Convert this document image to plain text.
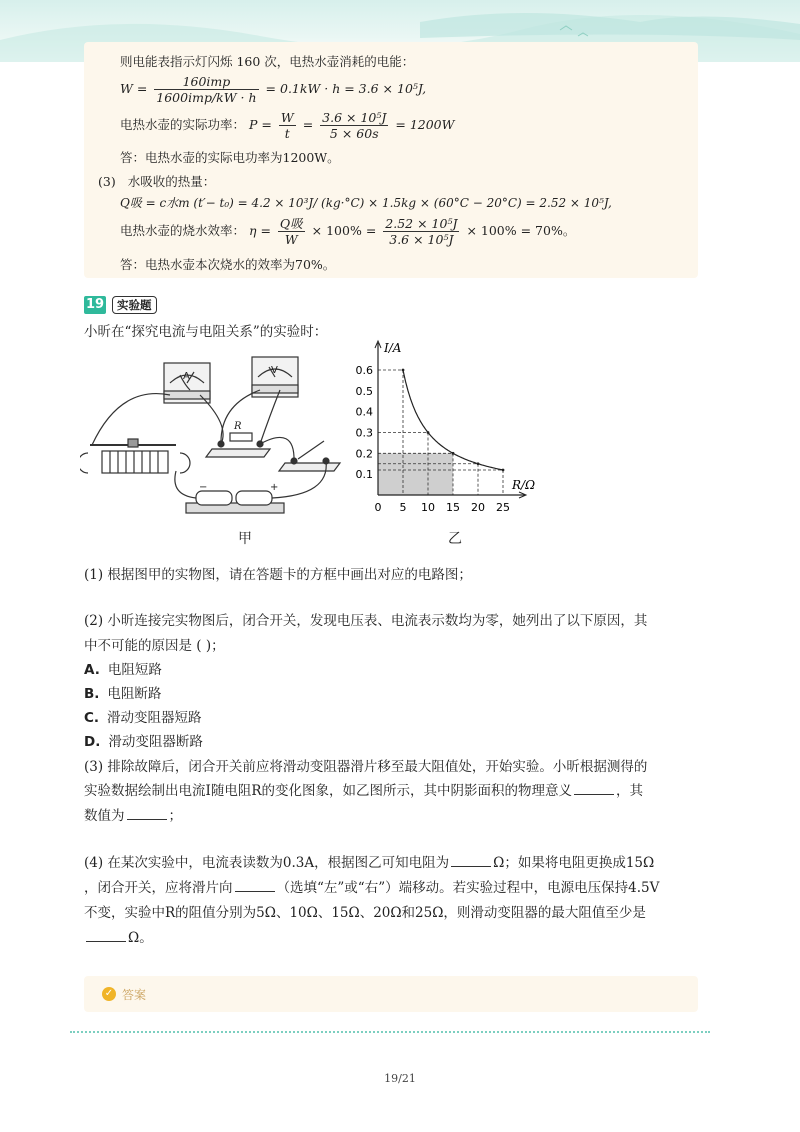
则电能表指示灯闪烁 160 次，电热水壶消耗的电能：
$W = \frac{\text{160imp}}{\text{1600imp/kW · h}} = 0.1kW \cdot h = 3.6 \times 10^5J$,
电热水壶的实际功率： $P = \frac{W}{t} = \frac{\text{3.6 × 10⁵J}}{5 \times 60s} = 1200W$
答：电热水壶的实际电功率为1200W。
(3) 水吸收的热量：
Q吸 = c水m (t′− t₀) = 4.2 × 10³J/ (kg·°C) × 1.5kg × (60°C − 20°C) = 2.52 × 10⁵J,
电热水壶的烧水效率： $\eta = \frac{\text{Q吸}}{W} \times 100\% = \frac{\text{2.52 × 10⁵J}}{\text{3.6 × 10⁵J}} \times 100\% = 70\%$。
答：电热水壶本次烧水的效率为70%。
19	实验题
小昕在“探究电流与电阻关系”的实验时：
A
V
R
−	+
甲
0 5 10 15 20 25
0.1
0.2
0.3
0.4
0.5
0.6
I/A
R/Ω
乙
(1) 根据图甲的实物图，请在答题卡的方框中画出对应的电路图；
(2) 小昕连接完实物图后，闭合开关，发现电压表、电流表示数均为零，她列出了以下原因，其
中不可能的原因是 ( )；
A. 电阻短路
B. 电阻断路
C. 滑动变阻器短路
D. 滑动变阻器断路
(3) 排除故障后，闭合开关前应将滑动变阻器滑片移至最大阻值处，开始实验。小昕根据测得的
实验数据绘制出电流I随电阻R的变化图象，如乙图所示，其中阴影面积的物理意义	，其
数值为	；
(4) 在某次实验中，电流表读数为0.3A，根据图乙可知电阻为	Ω；如果将电阻更换成15Ω
，闭合开关，应将滑片向	（选填“左”或“右”）端移动。若实验过程中，电源电压保持4.5V
不变，实验中R的阻值分别为5Ω、10Ω、15Ω、20Ω和25Ω，则滑动变阻器的最大阻值至少是
Ω。
✓ 答案
19/21
